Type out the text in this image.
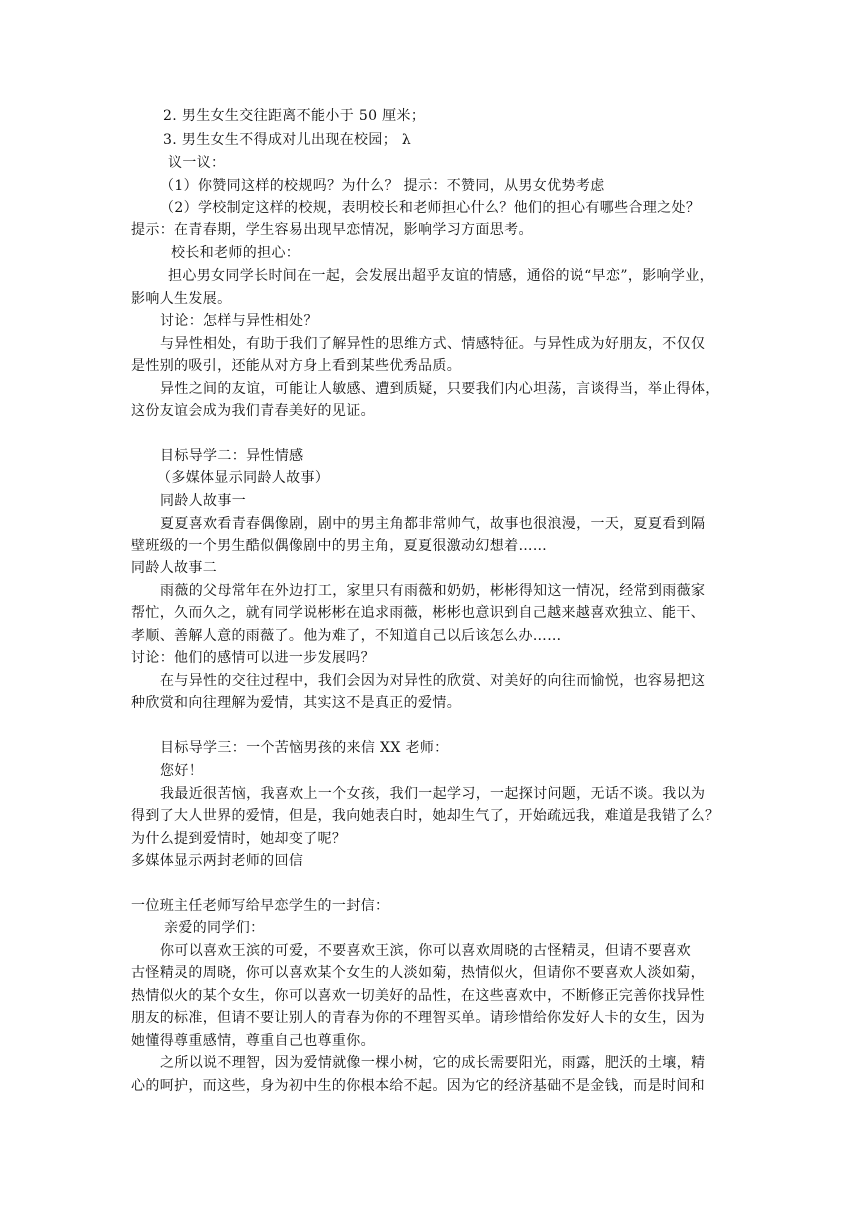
2. 男生女生交往距离不能小于 50 厘米；
3. 男生女生不得成对儿出现在校园； λ
议一议：
（1）你赞同这样的校规吗？为什么？ 提示：不赞同，从男女优势考虑
（2）学校制定这样的校规，表明校长和老师担心什么？他们的担心有哪些合理之处？
提示：在青春期，学生容易出现早恋情况，影响学习方面思考。
校长和老师的担心：
担心男女同学长时间在一起，会发展出超乎友谊的情感，通俗的说“早恋”，影响学业，
影响人生发展。
讨论：怎样与异性相处？
与异性相处，有助于我们了解异性的思维方式、情感特征。与异性成为好朋友，不仅仅
是性别的吸引，还能从对方身上看到某些优秀品质。
异性之间的友谊，可能让人敏感、遭到质疑，只要我们内心坦荡，言谈得当，举止得体，
这份友谊会成为我们青春美好的见证。
目标导学二：异性情感
（多媒体显示同龄人故事）
同龄人故事一
夏夏喜欢看青春偶像剧，剧中的男主角都非常帅气，故事也很浪漫，一天，夏夏看到隔
壁班级的一个男生酷似偶像剧中的男主角，夏夏很激动幻想着……
同龄人故事二
雨薇的父母常年在外边打工，家里只有雨薇和奶奶，彬彬得知这一情况，经常到雨薇家
帮忙，久而久之，就有同学说彬彬在追求雨薇，彬彬也意识到自己越来越喜欢独立、能干、
孝顺、善解人意的雨薇了。他为难了，不知道自己以后该怎么办……
讨论：他们的感情可以进一步发展吗？
在与异性的交往过程中，我们会因为对异性的欣赏、对美好的向往而愉悦，也容易把这
种欣赏和向往理解为爱情，其实这不是真正的爱情。
目标导学三：一个苦恼男孩的来信 XX 老师：
您好！
我最近很苦恼，我喜欢上一个女孩，我们一起学习，一起探讨问题，无话不谈。我以为
得到了大人世界的爱情，但是，我向她表白时，她却生气了，开始疏远我，难道是我错了么？
为什么提到爱情时，她却变了呢？
多媒体显示两封老师的回信
一位班主任老师写给早恋学生的一封信：
亲爱的同学们：
你可以喜欢王滨的可爱，不要喜欢王滨，你可以喜欢周晓的古怪精灵，但请不要喜欢
古怪精灵的周晓，你可以喜欢某个女生的人淡如菊，热情似火，但请你不要喜欢人淡如菊，
热情似火的某个女生，你可以喜欢一切美好的品性，在这些喜欢中，不断修正完善你找异性
朋友的标准，但请不要让别人的青春为你的不理智买单。请珍惜给你发好人卡的女生，因为
她懂得尊重感情，尊重自己也尊重你。
之所以说不理智，因为爱情就像一棵小树，它的成长需要阳光，雨露，肥沃的土壤，精
心的呵护，而这些，身为初中生的你根本给不起。因为它的经济基础不是金钱，而是时间和
